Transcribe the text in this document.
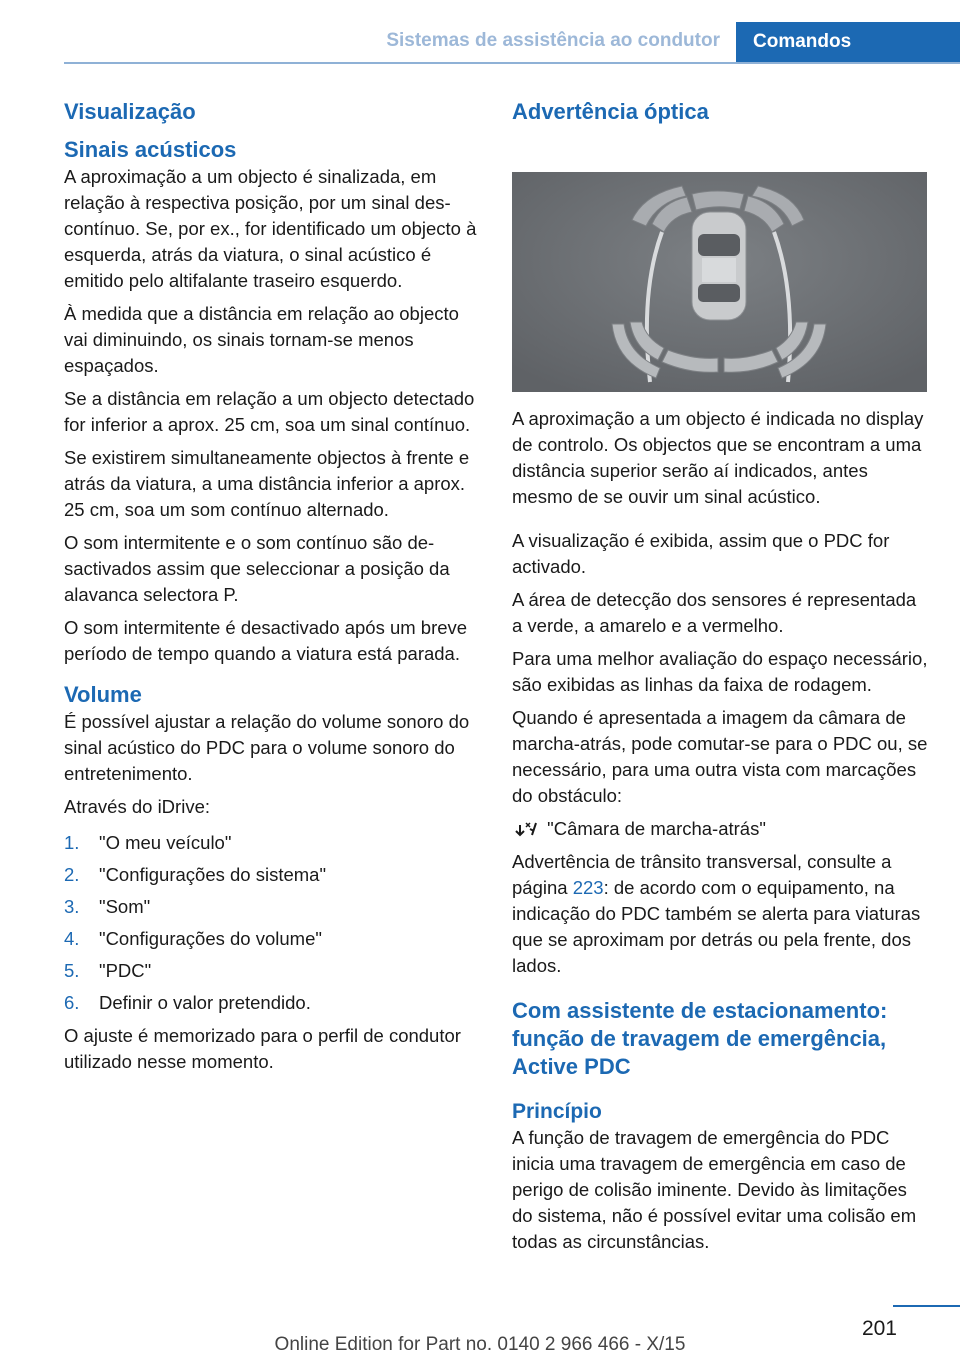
Sistemas de assistência ao condutor	Comandos
Visualização
Sinais acústicos

A aproximação a um objecto é sinalizada, em relação à respectiva posição, por um sinal descontínuo. Se, por ex., for identificado um objecto à esquerda, atrás da viatura, o sinal acústico é emitido pelo altifalante traseiro esquerdo.

À medida que a distância em relação ao objecto vai diminuindo, os sinais tornam-se menos espaçados.

Se a distância em relação a um objecto detectado for inferior a aprox. 25 cm, soa um sinal contínuo.

Se existirem simultaneamente objectos à frente e atrás da viatura, a uma distância inferior a aprox. 25 cm, soa um som contínuo alternado.

O som intermitente e o som contínuo são desactivados assim que seleccionar a posição da alavanca selectora P.

O som intermitente é desactivado após um breve período de tempo quando a viatura está parada.

Volume

É possível ajustar a relação do volume sonoro do sinal acústico do PDC para o volume sonoro do entretenimento.

Através do iDrive:

1.	"O meu veículo"
2.	"Configurações do sistema"
3.	"Som"
4.	"Configurações do volume"
5.	"PDC"
6.	Definir o valor pretendido.

O ajuste é memorizado para o perfil de condutor utilizado nesse momento.

Advertência óptica

A aproximação a um objecto é indicada no display de controlo. Os objectos que se encontram a uma distância superior serão aí indicados, antes mesmo de se ouvir um sinal acústico.

A visualização é exibida, assim que o PDC for activado.

A área de detecção dos sensores é representada a verde, a amarelo e a vermelho.

Para uma melhor avaliação do espaço necessário, são exibidas as linhas da faixa de rodagem.

Quando é apresentada a imagem da câmara de marcha-atrás, pode comutar-se para o PDC ou, se necessário, para uma outra vista com marcações do obstáculo:

"Câmara de marcha-atrás"

Advertência de trânsito transversal, consulte a página 223: de acordo com o equipamento, na indicação do PDC também se alerta para viaturas que se aproximam por detrás ou pela frente, dos lados.

Com assistente de estacionamento: função de travagem de emergência, Active PDC
Princípio

A função de travagem de emergência do PDC inicia uma travagem de emergência em caso de perigo de colisão iminente. Devido às limitações do sistema, não é possível evitar uma colisão em todas as circunstâncias.

201
Online Edition for Part no. 0140 2 966 466 - X/15
